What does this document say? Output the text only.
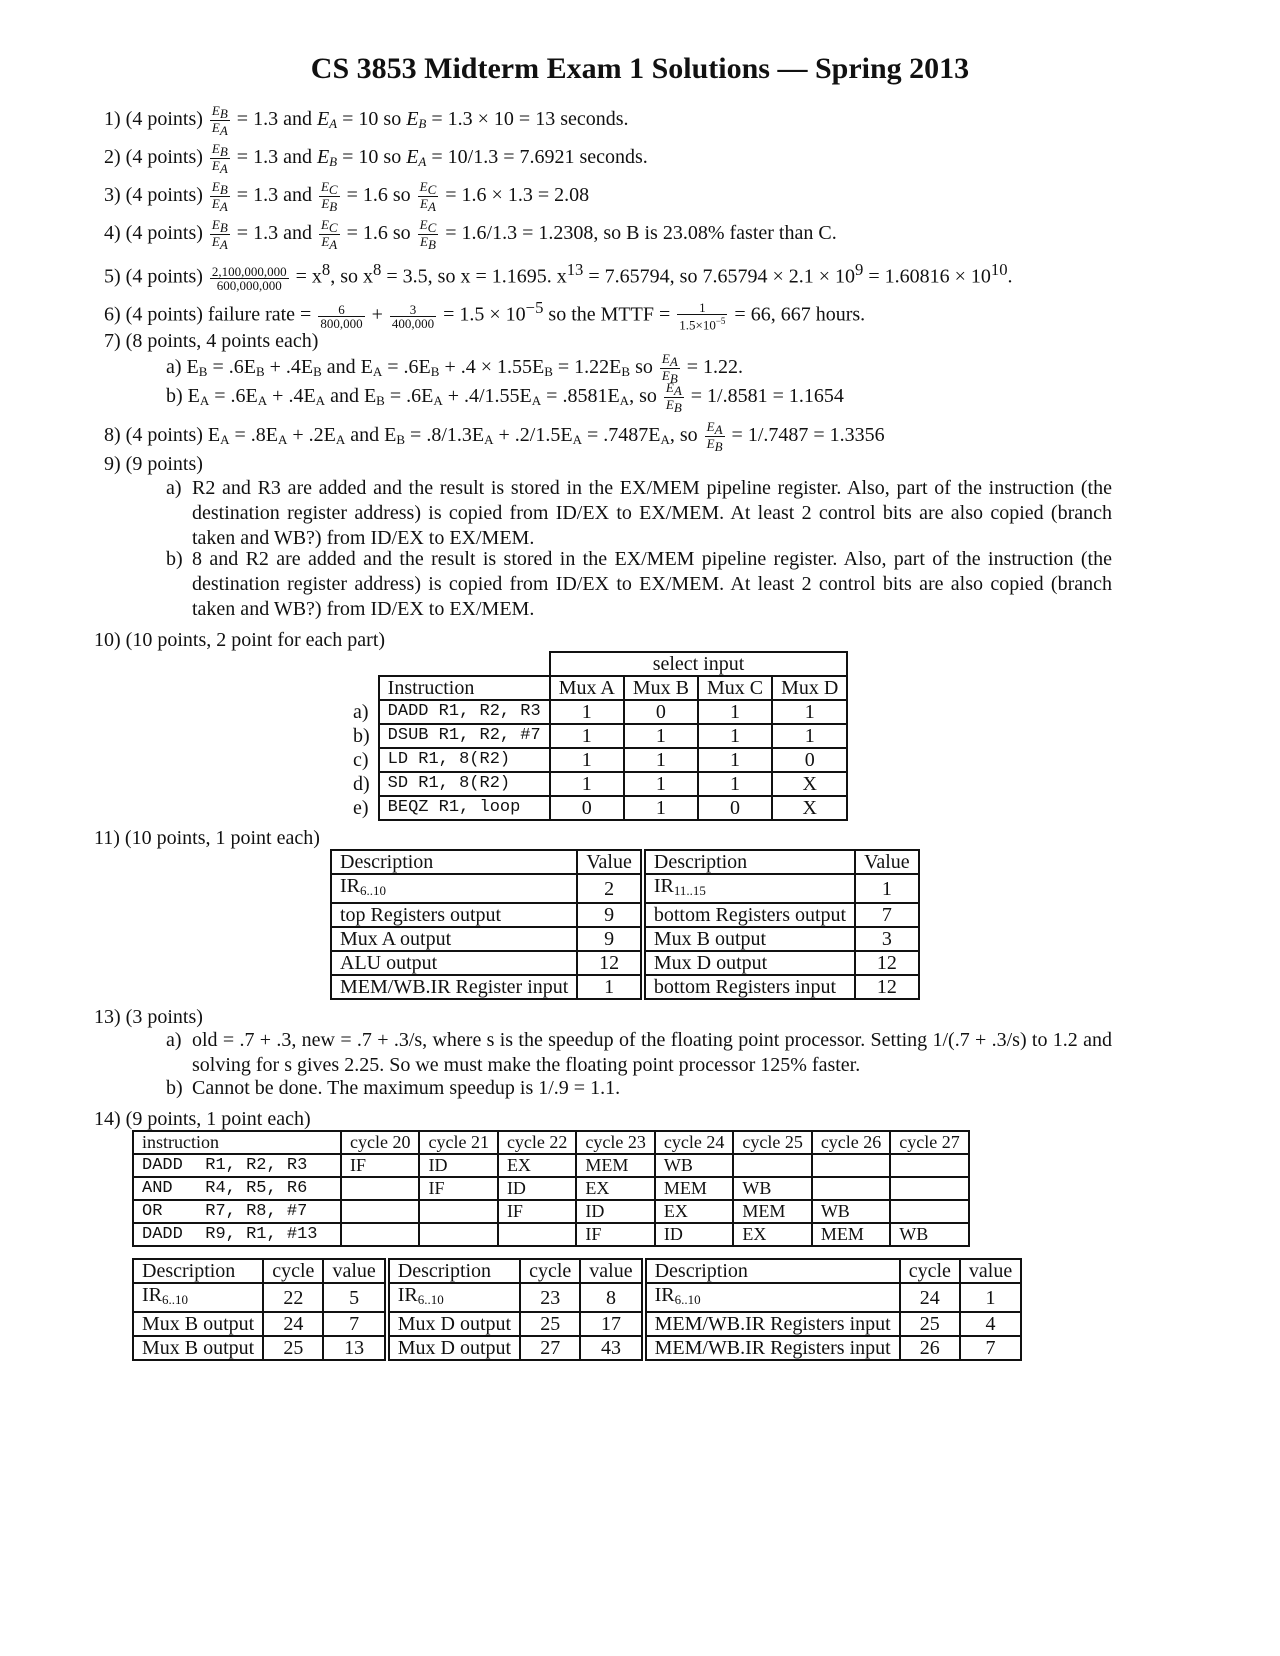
CS 3853 Midterm Exam 1 Solutions — Spring 2013
1) (4 points) $\frac{E_B}{E_A} = 1.3$ and $E_A = 10$ so $E_B = 1.3 \times 10 = 13$ seconds.
2) (4 points) $\frac{E_B}{E_A} = 1.3$ and $E_B = 10$ so $E_A = 10/1.3 = 7.6921$ seconds.
3) (4 points) $\frac{E_B}{E_A} = 1.3$ and $\frac{E_C}{E_B} = 1.6$ so $\frac{E_C}{E_A} = 1.6 \times 1.3 = 2.08$
4) (4 points) $\frac{E_B}{E_A} = 1.3$ and $\frac{E_C}{E_A} = 1.6$ so $\frac{E_C}{E_B} = 1.6/1.3 = 1.2308$, so B is 23.08% faster than C.
5) (4 points) $\frac{2,100,000,000}{600,000,000} = x^8$, so $x^8 = 3.5$, so x = 1.1695. $x^{13} = 7.65794$, so $7.65794 \times 2.1 \times 10^9 = 1.60816 \times 10^{10}$.
6) (4 points) failure rate = $\frac{6}{800,000} + \frac{3}{400,000} = 1.5 \times 10^{-5}$ so the MTTF = $\frac{1}{1.5\times 10^{-5}} = 66$, 667 hours.
7) (8 points, 4 points each)
a) $E_B = .6E_B + .4E_B$ and $E_A = .6E_B + .4 \times 1.55E_B = 1.22E_B$ so $\frac{E_A}{E_B} = 1.22$.
b) $E_A = .6E_A + .4E_A$ and $E_B = .6E_A + .4/1.55E_A = .8581E_A$, so $\frac{E_A}{E_B} = 1/.8581 = 1.1654$
8) (4 points) $E_A = .8E_A + .2E_A$ and $E_B = .8/1.3E_A + .2/1.5E_A = .7487E_A$, so $\frac{E_A}{E_B} = 1/.7487 = 1.3356$
9) (9 points)
a) R2 and R3 are added and the result is stored in the EX/MEM pipeline register. Also, part of the instruction (the destination register address) is copied from ID/EX to EX/MEM. At least 2 control bits are also copied (branch taken and WB?) from ID/EX to EX/MEM.
b) 8 and R2 are added and the result is stored in the EX/MEM pipeline register. Also, part of the instruction (the destination register address) is copied from ID/EX to EX/MEM. At least 2 control bits are also copied (branch taken and WB?) from ID/EX to EX/MEM.
10) (10 points, 2 point for each part)
		select input			
	Instruction	Mux A	Mux B	Mux C	Mux D
a)	DADD R1, R2, R3	1	0	1	1
b)	DSUB R1, R2, #7	1	1	1	1
c)	LD R1, 8(R2)	1	1	1	0
d)	SD R1, 8(R2)	1	1	1	X
e)	BEQZ R1, loop	0	1	0	X
11) (10 points, 1 point each)
Description	Value	Description	Value
$IR_{6..10}$	2	$IR_{11..15}$	1
top Registers output	9	bottom Registers output	7
Mux A output	9	Mux B output	3
ALU output	12	Mux D output	12
MEM/WB.IR Register input	1	bottom Registers input	12
13) (3 points)
a) old = .7 + .3, new = .7 + .3/s, where s is the speedup of the floating point processor. Setting 1/(.7 + .3/s) to 1.2 and solving for s gives 2.25. So we must make the floating point processor 125% faster.
b) Cannot be done. The maximum speedup is 1/.9 = 1.1.
14) (9 points, 1 point each)
instruction		cycle 20	cycle 21	cycle 22	cycle 23	cycle 24	cycle 25	cycle 26	cycle 27
DADD	R1, R2, R3	IF	ID	EX	MEM	WB			
AND	R4, R5, R6		IF	ID	EX	MEM	WB		
OR	R7, R8, #7			IF	ID	EX	MEM	WB	
DADD	R9, R1, #13				IF	ID	EX	MEM	WB
Description	cycle	value	Description	cycle	value	Description	cycle	value
$IR_{6..10}$	22	5	$IR_{6..10}$	23	8	$IR_{6..10}$	24	1
Mux B output	24	7	Mux D output	25	17	MEM/WB.IR Registers input	25	4
Mux B output	25	13	Mux D output	27	43	MEM/WB.IR Registers input	26	7
